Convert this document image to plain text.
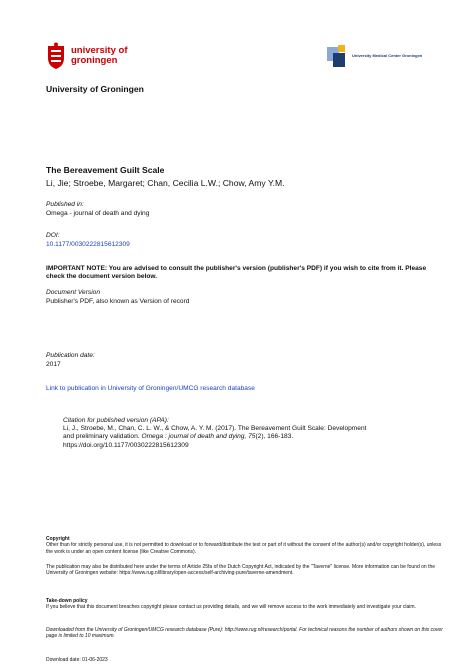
university of
groningen	University Medical Center Groningen
University of Groningen
The Bereavement Guilt Scale
Li, Jie; Stroebe, Margaret; Chan, Cecilia L.W.; Chow, Amy Y.M.
Published in:
Omega - journal of death and dying
DOI:
10.1177/0030222815612309
IMPORTANT NOTE: You are advised to consult the publisher's version (publisher's PDF) if you wish to cite from it. Please check the document version below.
Document Version
Publisher's PDF, also known as Version of record
Publication date:
2017
Link to publication in University of Groningen/UMCG research database
Citation for published version (APA):
Li, J., Stroebe, M., Chan, C. L. W., & Chow, A. Y. M. (2017). The Bereavement Guilt Scale: Development
and preliminary validation. Omega : journal of death and dying, 75(2), 166-183.
https://doi.org/10.1177/0030222815612309
Copyright
Other than for strictly personal use, it is not permitted to download or to forward/distribute the text or part of it without the consent of the author(s) and/or copyright holder(s), unless the work is under an open content license (like Creative Commons).
The publication may also be distributed here under the terms of Article 25fa of the Dutch Copyright Act, indicated by the "Taverne" license. More information can be found on the University of Groningen website: https://www.rug.nl/library/open-access/self-archiving-pure/taverne-amendment.
Take-down policy
If you believe that this document breaches copyright please contact us providing details, and we will remove access to the work immediately and investigate your claim.
Downloaded from the University of Groningen/UMCG research database (Pure): http://www.rug.nl/research/portal. For technical reasons the number of authors shown on this cover page is limited to 10 maximum.
Download date: 01-06-2023
